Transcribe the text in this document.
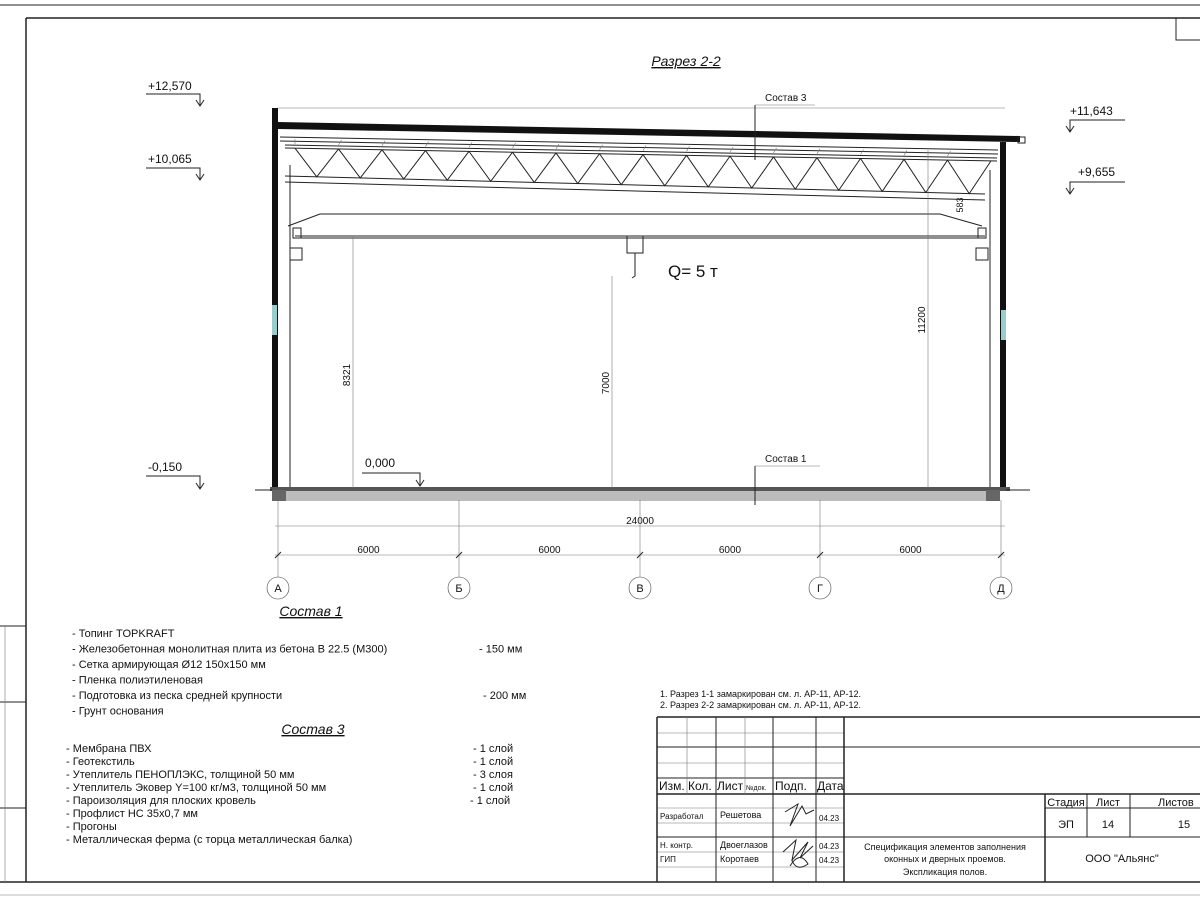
Разрез 2-2
Q= 5 т
Состав 3
Состав 1
8321	7000
11200
583
+12,570
+10,065
-0,150
+11,643
+9,655
0,000
24000
А
6000
Б
6000
В
6000
Г
6000
Д
Состав 1
- Топинг TOPKRAFT
- Железобетонная монолитная плита из бетона В 22.5 (М300)	- 150 мм
- Сетка армирующая Ø12 150х150 мм
- Пленка полиэтиленовая
- Подготовка из песка средней крупности	- 200 мм
- Грунт основания
Состав 3
- Мембрана ПВХ	- 1 слой
- Геотекстиль	- 1 слой
- Утеплитель ПЕНОПЛЭКС, толщиной 50 мм	- 3 слоя
- Утеплитель Эковер Y=100 кг/м3, толщиной 50 мм	- 1 слой
- Пароизоляция для плоских кровель	- 1 слой
- Профлист НС 35х0,7 мм
- Прогоны
- Металлическая ферма (с торца металлическая балка)
1. Разрез 1-1 замаркирован см. л. АР-11, АР-12.
2. Разрез 2-2 замаркирован см. л. АР-11, АР-12.
Изм. Кол. Лист №док. Подп. Дата
Разработал Решетова	04.23
Н. контр.	Двоеглазов	04.23
ГИП	Коротаев	04.23
Стадия Лист	Листов
ЭП	14	15
Спецификация элементов заполнения
оконных и дверных проемов.
Экспликация полов.
ООО "Альянс"
